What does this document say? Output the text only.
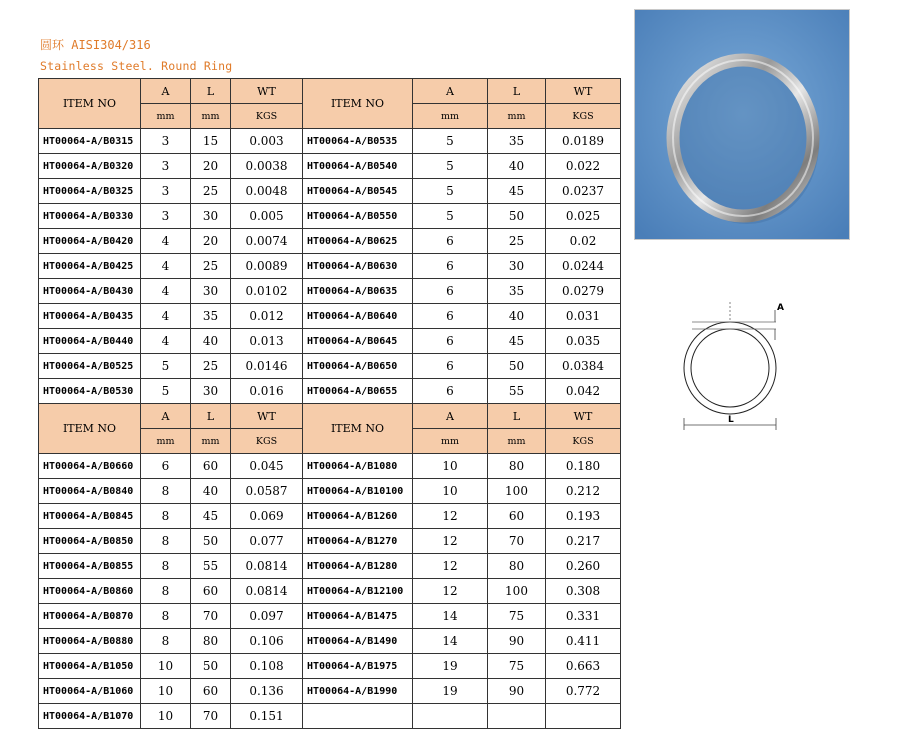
圆环 AISI304/316
Stainless Steel. Round Ring
ITEM NO	A	L	WT	ITEM NO	A	L	WT
	mm	mm	KGS		mm	mm	KGS
HT00064-A/B0315	3	15	0.003	HT00064-A/B0535	5	35	0.0189
HT00064-A/B0320	3	20	0.0038	HT00064-A/B0540	5	40	0.022
HT00064-A/B0325	3	25	0.0048	HT00064-A/B0545	5	45	0.0237
HT00064-A/B0330	3	30	0.005	HT00064-A/B0550	5	50	0.025
HT00064-A/B0420	4	20	0.0074	HT00064-A/B0625	6	25	0.02
HT00064-A/B0425	4	25	0.0089	HT00064-A/B0630	6	30	0.0244
HT00064-A/B0430	4	30	0.0102	HT00064-A/B0635	6	35	0.0279
HT00064-A/B0435	4	35	0.012	HT00064-A/B0640	6	40	0.031
HT00064-A/B0440	4	40	0.013	HT00064-A/B0645	6	45	0.035
HT00064-A/B0525	5	25	0.0146	HT00064-A/B0650	6	50	0.0384
HT00064-A/B0530	5	30	0.016	HT00064-A/B0655	6	55	0.042
ITEM NO	A	L	WT	ITEM NO	A	L	WT
	mm	mm	KGS		mm	mm	KGS
HT00064-A/B0660	6	60	0.045	HT00064-A/B1080	10	80	0.180
HT00064-A/B0840	8	40	0.0587	HT00064-A/B10100	10	100	0.212
HT00064-A/B0845	8	45	0.069	HT00064-A/B1260	12	60	0.193
HT00064-A/B0850	8	50	0.077	HT00064-A/B1270	12	70	0.217
HT00064-A/B0855	8	55	0.0814	HT00064-A/B1280	12	80	0.260
HT00064-A/B0860	8	60	0.0814	HT00064-A/B12100	12	100	0.308
HT00064-A/B0870	8	70	0.097	HT00064-A/B1475	14	75	0.331
HT00064-A/B0880	8	80	0.106	HT00064-A/B1490	14	90	0.411
HT00064-A/B1050	10	50	0.108	HT00064-A/B1975	19	75	0.663
HT00064-A/B1060	10	60	0.136	HT00064-A/B1990	19	90	0.772
HT00064-A/B1070	10	70	0.151				
A
L
